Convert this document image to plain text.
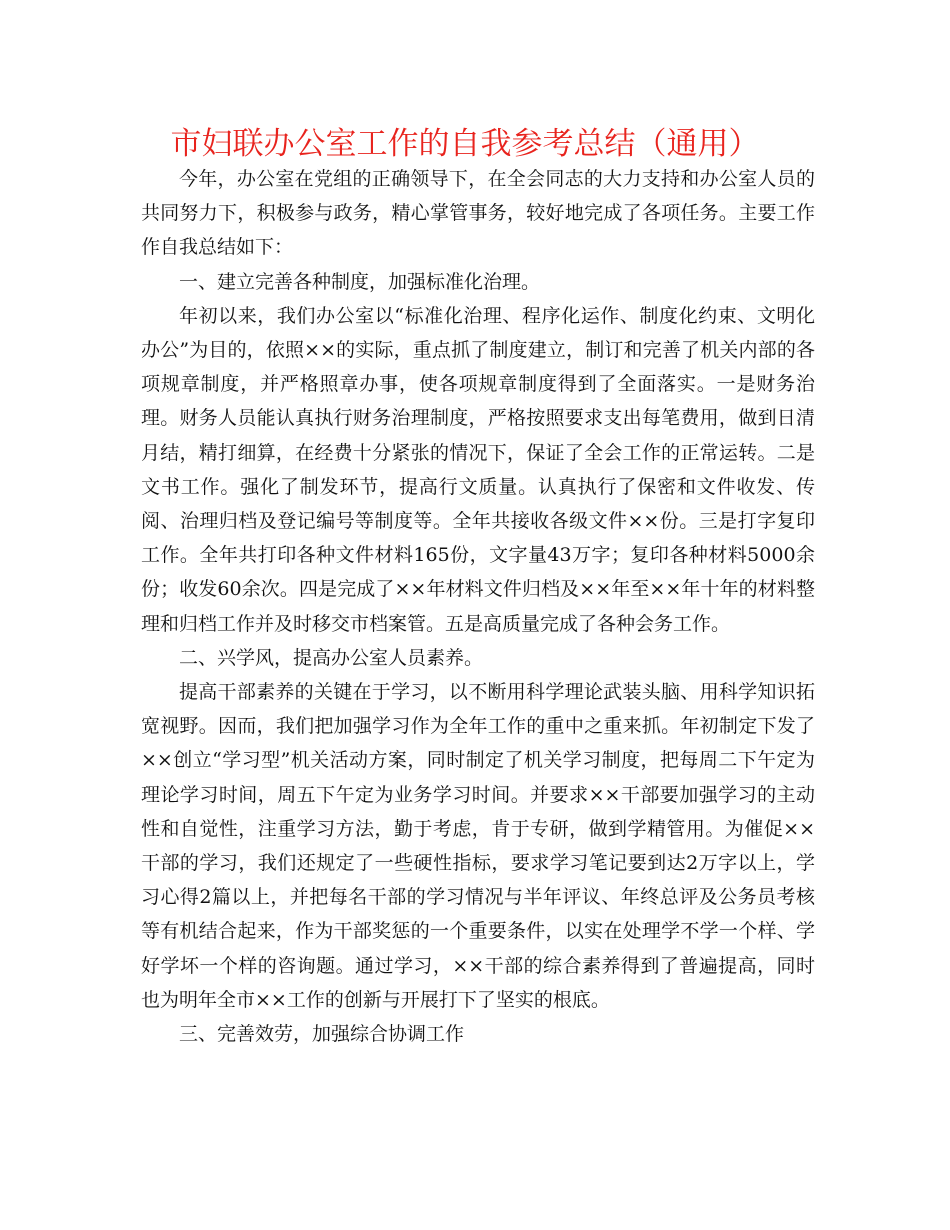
市妇联办公室工作的自我参考总结（通用）

今年，办公室在党组的正确领导下，在全会同志的大力支持和办公室人员的共同努力下，积极参与政务，精心掌管事务，较好地完成了各项任务。主要工作作自我总结如下：

一、建立完善各种制度，加强标准化治理。

年初以来，我们办公室以“标准化治理、程序化运作、制度化约束、文明化办公”为目的，依照××的实际，重点抓了制度建立，制订和完善了机关内部的各项规章制度，并严格照章办事，使各项规章制度得到了全面落实。一是财务治理。财务人员能认真执行财务治理制度，严格按照要求支出每笔费用，做到日清月结，精打细算，在经费十分紧张的情况下，保证了全会工作的正常运转。二是文书工作。强化了制发环节，提高行文质量。认真执行了保密和文件收发、传阅、治理归档及登记编号等制度等。全年共接收各级文件××份。三是打字复印工作。全年共打印各种文件材料165份，文字量43万字；复印各种材料5000余份；收发60余次。四是完成了××年材料文件归档及××年至××年十年的材料整理和归档工作并及时移交市档案管。五是高质量完成了各种会务工作。

二、兴学风，提高办公室人员素养。

提高干部素养的关键在于学习，以不断用科学理论武装头脑、用科学知识拓宽视野。因而，我们把加强学习作为全年工作的重中之重来抓。年初制定下发了××创立“学习型”机关活动方案，同时制定了机关学习制度，把每周二下午定为理论学习时间，周五下午定为业务学习时间。并要求××干部要加强学习的主动性和自觉性，注重学习方法，勤于考虑，肯于专研，做到学精管用。为催促××干部的学习，我们还规定了一些硬性指标，要求学习笔记要到达2万字以上，学习心得2篇以上，并把每名干部的学习情况与半年评议、年终总评及公务员考核等有机结合起来，作为干部奖惩的一个重要条件，以实在处理学不学一个样、学好学坏一个样的咨询题。通过学习，××干部的综合素养得到了普遍提高，同时也为明年全市××工作的创新与开展打下了坚实的根底。

三、完善效劳，加强综合协调工作
